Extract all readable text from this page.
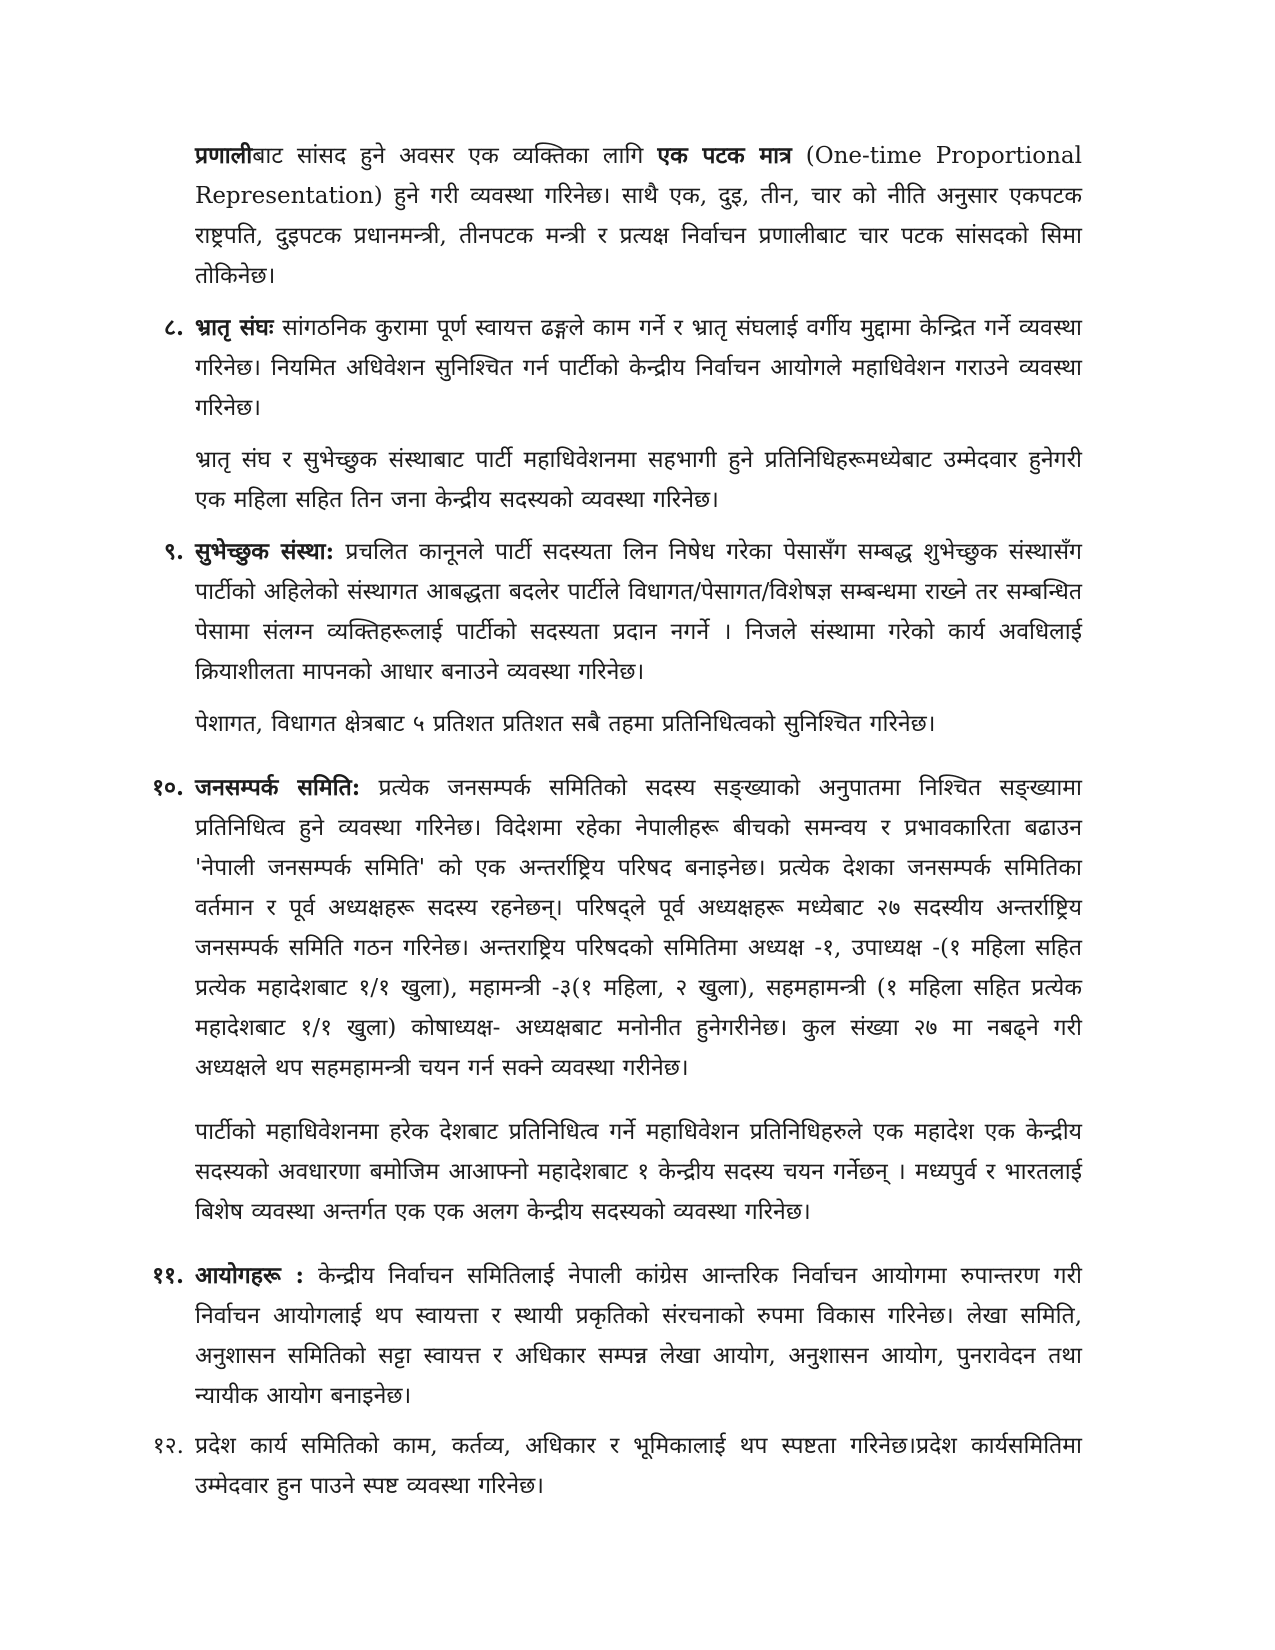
प्रणालीबाट सांसद हुने अवसर एक व्यक्तिका लागि एक पटक मात्र (One-time Proportional Representation) हुने गरी व्यवस्था गरिनेछ। साथै एक, दुइ, तीन, चार को नीति अनुसार एकपटक राष्ट्रपति, दुइपटक प्रधानमन्त्री, तीनपटक मन्त्री र प्रत्यक्ष निर्वाचन प्रणालीबाट चार पटक सांसदको सिमा तोकिनेछ।
८. भ्रातृ संघः सांगठनिक कुरामा पूर्ण स्वायत्त ढङ्गले काम गर्ने र भ्रातृ संघलाई वर्गीय मुद्दामा केन्द्रित गर्ने व्यवस्था गरिनेछ। नियमित अधिवेशन सुनिश्चित गर्न पार्टीको केन्द्रीय निर्वाचन आयोगले महाधिवेशन गराउने व्यवस्था गरिनेछ।
भ्रातृ संघ र सुभेच्छुक संस्थाबाट पार्टी महाधिवेशनमा सहभागी हुने प्रतिनिधिहरूमध्येबाट उम्मेदवार हुनेगरी एक महिला सहित तिन जना केन्द्रीय सदस्यको व्यवस्था गरिनेछ।
९. सुभेच्छुक संस्था: प्रचलित कानूनले पार्टी सदस्यता लिन निषेध गरेका पेसासँग सम्बद्ध शुभेच्छुक संस्थासँग पार्टीको अहिलेको संस्थागत आबद्धता बदलेर पार्टीले विधागत/पेसागत/विशेषज्ञ सम्बन्धमा राख्ने तर सम्बन्धित पेसामा संलग्न व्यक्तिहरूलाई पार्टीको सदस्यता प्रदान नगर्ने । निजले संस्थामा गरेको कार्य अवधिलाई क्रियाशीलता मापनको आधार बनाउने व्यवस्था गरिनेछ।
पेशागत, विधागत क्षेत्रबाट ५ प्रतिशत प्रतिशत सबै तहमा प्रतिनिधित्वको सुनिश्चित गरिनेछ।
१०. जनसम्पर्क समिति: प्रत्येक जनसम्पर्क समितिको सदस्य सङ्ख्याको अनुपातमा निश्चित सङ्ख्यामा प्रतिनिधित्व हुने व्यवस्था गरिनेछ। विदेशमा रहेका नेपालीहरू बीचको समन्वय र प्रभावकारिता बढाउन 'नेपाली जनसम्पर्क समिति' को एक अन्तर्राष्ट्रिय परिषद बनाइनेछ। प्रत्येक देशका जनसम्पर्क समितिका वर्तमान र पूर्व अध्यक्षहरू सदस्य रहनेछन्। परिषद्ले पूर्व अध्यक्षहरू मध्येबाट २७ सदस्यीय अन्तर्राष्ट्रिय जनसम्पर्क समिति गठन गरिनेछ। अन्तराष्ट्रिय परिषदको समितिमा अध्यक्ष -१, उपाध्यक्ष -(१ महिला सहित प्रत्येक महादेशबाट १/१ खुला), महामन्त्री -३(१ महिला, २ खुला), सहमहामन्त्री (१ महिला सहित प्रत्येक महादेशबाट १/१ खुला) कोषाध्यक्ष- अध्यक्षबाट मनोनीत हुनेगरीनेछ। कुल संख्या २७ मा नबढ्ने गरी अध्यक्षले थप सहमहामन्त्री चयन गर्न सक्ने व्यवस्था गरीनेछ।
पार्टीको महाधिवेशनमा हरेक देशबाट प्रतिनिधित्व गर्ने महाधिवेशन प्रतिनिधिहरुले एक महादेश एक केन्द्रीय सदस्यको अवधारणा बमोजिम आआफ्नो महादेशबाट १ केन्द्रीय सदस्य चयन गर्नेछन् । मध्यपुर्व र भारतलाई बिशेष व्यवस्था अन्तर्गत एक एक अलग केन्द्रीय सदस्यको व्यवस्था गरिनेछ।
११. आयोगहरू : केन्द्रीय निर्वाचन समितिलाई नेपाली कांग्रेस आन्तरिक निर्वाचन आयोगमा रुपान्तरण गरी निर्वाचन आयोगलाई थप स्वायत्ता र स्थायी प्रकृतिको संरचनाको रुपमा विकास गरिनेछ। लेखा समिति, अनुशासन समितिको सट्टा स्वायत्त र अधिकार सम्पन्न लेखा आयोग, अनुशासन आयोग, पुनरावेदन तथा न्यायीक आयोग बनाइनेछ।
१२. प्रदेश कार्य समितिको काम, कर्तव्य, अधिकार र भूमिकालाई थप स्पष्टता गरिनेछ।प्रदेश कार्यसमितिमा उम्मेदवार हुन पाउने स्पष्ट व्यवस्था गरिनेछ।
